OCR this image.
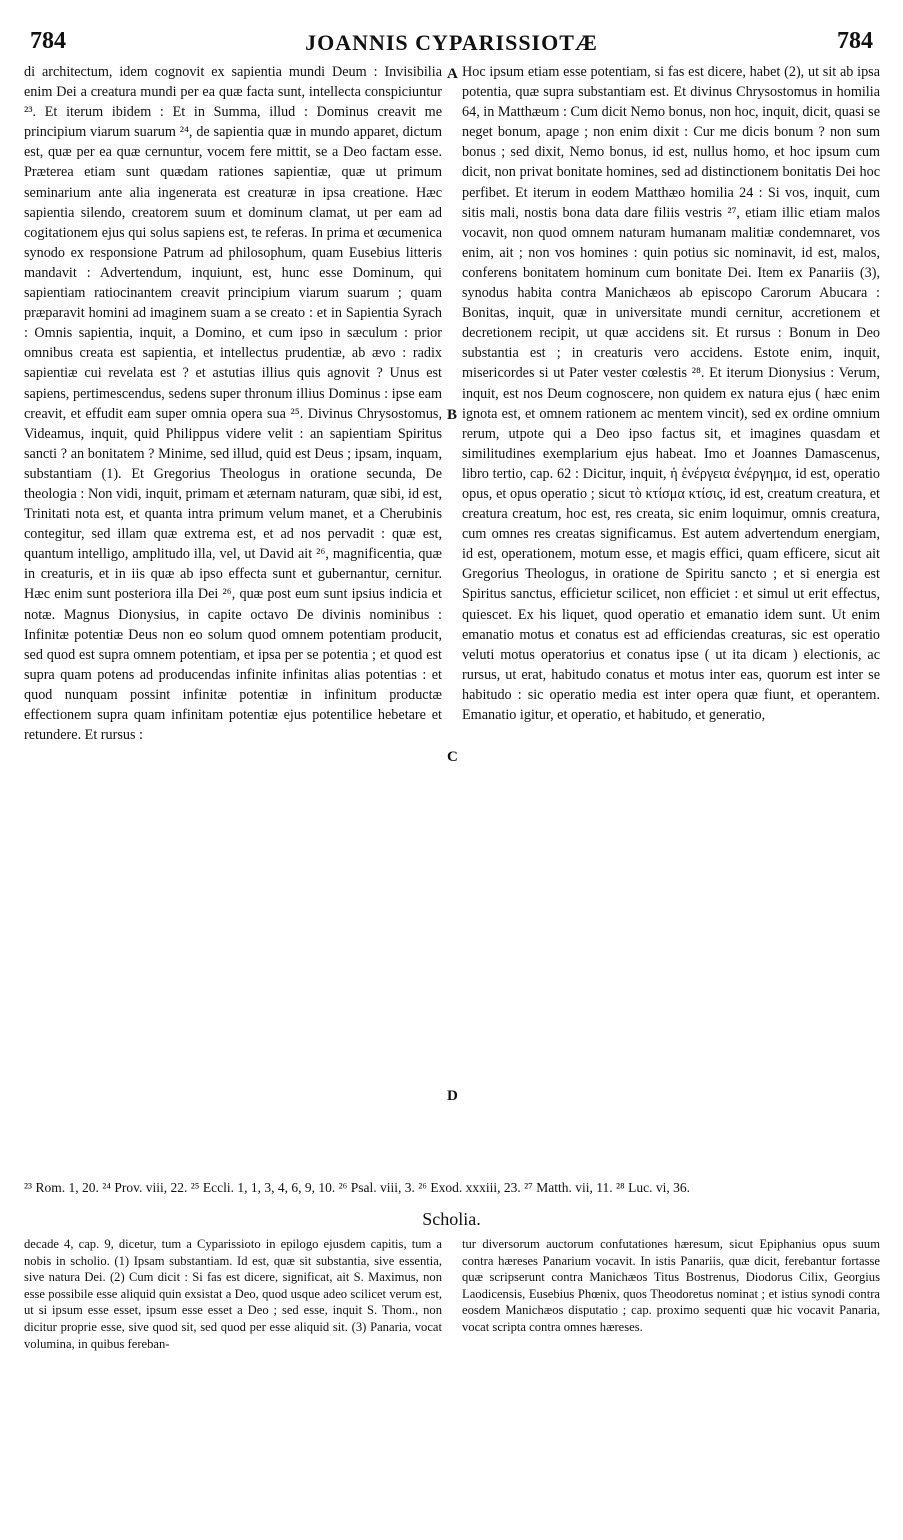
784	JOANNIS CYPARISSIOTÆ	784

di architectum, idem cognovit ex sapientia mundi Deum : Invisibilia enim Dei a creatura mundi per ea quæ facta sunt, intellecta conspiciuntur ²³. Et iterum ibidem : Et in Summa, illud : Dominus creavit me principium viarum suarum ²⁴, de sapientia quæ in mundo apparet, dictum est, quæ per ea quæ cernuntur, vocem fere mittit, se a Deo factam esse. Præterea etiam sunt quædam rationes sapientiæ, quæ ut primum seminarium ante alia ingenerata est creaturæ in ipsa creatione. Hæc sapientia silendo, creatorem suum et dominum clamat, ut per eam ad cogitationem ejus qui solus sapiens est, te referas. In prima et œcumenica synodo ex responsione Patrum ad philosophum, quam Eusebius litteris mandavit : Advertendum, inquiunt, est, hunc esse Dominum, qui sapientiam ratiocinantem creavit principium viarum suarum ; quam præparavit homini ad imaginem suam a se creato : et in Sapientia Syrach : Omnis sapientia, inquit, a Domino, et cum ipso in sæculum : prior omnibus creata est sapientia, et intellectus prudentiæ, ab ævo : radix sapientiæ cui revelata est ? et astutias illius quis agnovit ? Unus est sapiens, pertimescendus, sedens super thronum illius Dominus : ipse eam creavit, et effudit eam super omnia opera sua ²⁵. Divinus Chrysostomus, Videamus, inquit, quid Philippus videre velit : an sapientiam Spiritus sancti ? an bonitatem ? Minime, sed illud, quid est Deus ; ipsam, inquam, substantiam (1). Et Gregorius Theologus in oratione secunda, De theologia : Non vidi, inquit, primam et æternam naturam, quæ sibi, id est, Trinitati nota est, et quanta intra primum velum manet, et a Cherubinis contegitur, sed illam quæ extrema est, et ad nos pervadit : quæ est, quantum intelligo, amplitudo illa, vel, ut David ait ²⁶, magnificentia, quæ in creaturis, et in iis quæ ab ipso effecta sunt et gubernantur, cernitur. Hæc enim sunt posteriora illa Dei ²⁶, quæ post eum sunt ipsius indicia et notæ. Magnus Dionysius, in capite octavo De divinis nominibus : Infinitæ potentiæ Deus non eo solum quod omnem potentiam producit, sed quod est supra omnem potentiam, et ipsa per se potentia ; et quod est supra quam potens ad producendas infinite infinitas alias potentias : et quod nunquam possint infinitæ potentiæ in infinitum productæ effectionem supra quam infinitam potentiæ ejus potentilice hebetare et retundere. Et rursus :

A
B
C
D

Hoc ipsum etiam esse potentiam, si fas est dicere, habet (2), ut sit ab ipsa potentia, quæ supra substantiam est. Et divinus Chrysostomus in homilia 64, in Matthæum : Cum dicit Nemo bonus, non hoc, inquit, dicit, quasi se neget bonum, apage ; non enim dixit : Cur me dicis bonum ? non sum bonus ; sed dixit, Nemo bonus, id est, nullus homo, et hoc ipsum cum dicit, non privat bonitate homines, sed ad distinctionem bonitatis Dei hoc perfibet. Et iterum in eodem Matthæo homilia 24 : Si vos, inquit, cum sitis mali, nostis bona data dare filiis vestris ²⁷, etiam illic etiam malos vocavit, non quod omnem naturam humanam malitiæ condemnaret, vos enim, ait ; non vos homines : quin potius sic nominavit, id est, malos, conferens bonitatem hominum cum bonitate Dei. Item ex Panariis (3), synodus habita contra Manichæos ab episcopo Carorum Abucara : Bonitas, inquit, quæ in universitate mundi cernitur, accretionem et decretionem recipit, ut quæ accidens sit. Et rursus : Bonum in Deo substantia est ; in creaturis vero accidens. Estote enim, inquit, misericordes si ut Pater vester cœlestis ²⁸. Et iterum Dionysius : Verum, inquit, est nos Deum cognoscere, non quidem ex natura ejus ( hæc enim ignota est, et omnem rationem ac mentem vincit), sed ex ordine omnium rerum, utpote qui a Deo ipso factus sit, et imagines quasdam et similitudines exemplarium ejus habeat. Imo et Joannes Damascenus, libro tertio, cap. 62 : Dicitur, inquit, ἡ ἐνέργεια ἐνέργημα, id est, operatio opus, et opus operatio ; sicut τὸ κτίσμα κτίσις, id est, creatum creatura, et creatura creatum, hoc est, res creata, sic enim loquimur, omnis creatura, cum omnes res creatas significamus. Est autem advertendum energiam, id est, operationem, motum esse, et magis effici, quam efficere, sicut ait Gregorius Theologus, in oratione de Spiritu sancto ; et si energia est Spiritus sanctus, efficietur scilicet, non efficiet : et simul ut erit effectus, quiescet. Ex his liquet, quod operatio et emanatio idem sunt. Ut enim emanatio motus et conatus est ad efficiendas creaturas, sic est operatio veluti motus operatorius et conatus ipse ( ut ita dicam ) electionis, ac rursus, ut erat, habitudo conatus et motus inter eas, quorum est inter se habitudo : sic operatio media est inter opera quæ fiunt, et operantem. Emanatio igitur, et operatio, et habitudo, et generatio,

²³ Rom. 1, 20. ²⁴ Prov. viii, 22. ²⁵ Eccli. 1, 1, 3, 4, 6, 9, 10. ²⁶ Psal. viii, 3. ²⁶ Exod. xxxiii, 23. ²⁷ Matth. vii, 11. ²⁸ Luc. vi, 36.
Scholia.

decade 4, cap. 9, dicetur, tum a Cyparissioto in epilogo ejusdem capitis, tum a nobis in scholio. (1) Ipsam substantiam. Id est, quæ sit substantia, sive essentia, sive natura Dei. (2) Cum dicit : Si fas est dicere, significat, ait S. Maximus, non esse possibile esse aliquid quin exsistat a Deo, quod usque adeo scilicet verum est, ut si ipsum esse esset, ipsum esse esset a Deo ; sed esse, inquit S. Thom., non dicitur proprie esse, sive quod sit, sed quod per esse aliquid sit. (3) Panaria, vocat volumina, in quibus fereban-

tur diversorum auctorum confutationes hæresum, sicut Epiphanius opus suum contra hæreses Panarium vocavit. In istis Panariis, quæ dicit, ferebantur fortasse quæ scripserunt contra Manichæos Titus Bostrenus, Diodorus Cilix, Georgius Laodicensis, Eusebius Phœnix, quos Theodoretus nominat ; et istius synodi contra eosdem Manichæos disputatio ; cap. proximo sequenti quæ hic vocavit Panaria, vocat scripta contra omnes hæreses.
